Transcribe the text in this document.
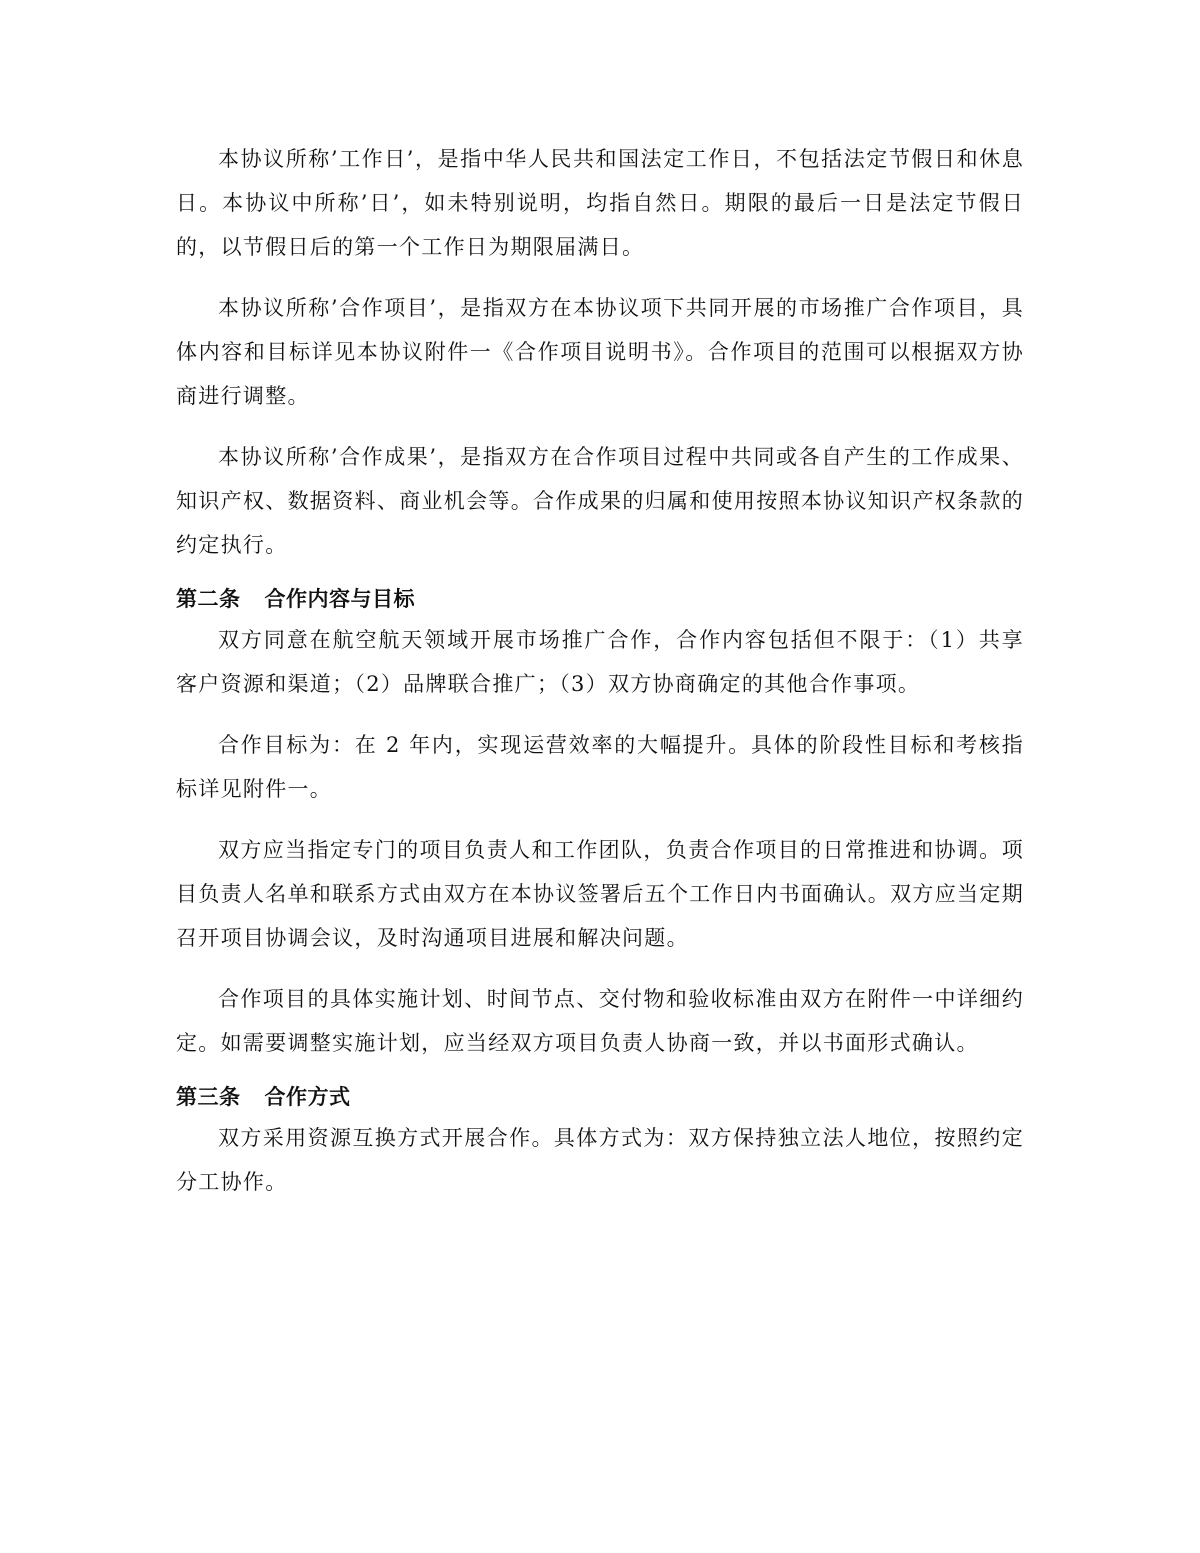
本协议所称’工作日’，是指中华人民共和国法定工作日，不包括法定节假日和休息日。本协议中所称’日’，如未特别说明，均指自然日。期限的最后一日是法定节假日的，以节假日后的第一个工作日为期限届满日。

本协议所称’合作项目’，是指双方在本协议项下共同开展的市场推广合作项目，具体内容和目标详见本协议附件一《合作项目说明书》。合作项目的范围可以根据双方协商进行调整。

本协议所称’合作成果’，是指双方在合作项目过程中共同或各自产生的工作成果、知识产权、数据资料、商业机会等。合作成果的归属和使用按照本协议知识产权条款的约定执行。

第二条 合作内容与目标

双方同意在航空航天领域开展市场推广合作，合作内容包括但不限于：（1）共享客户资源和渠道；（2）品牌联合推广；（3）双方协商确定的其他合作事项。

合作目标为：在 2 年内，实现运营效率的大幅提升。具体的阶段性目标和考核指标详见附件一。

双方应当指定专门的项目负责人和工作团队，负责合作项目的日常推进和协调。项目负责人名单和联系方式由双方在本协议签署后五个工作日内书面确认。双方应当定期召开项目协调会议，及时沟通项目进展和解决问题。

合作项目的具体实施计划、时间节点、交付物和验收标准由双方在附件一中详细约定。如需要调整实施计划，应当经双方项目负责人协商一致，并以书面形式确认。

第三条 合作方式

双方采用资源互换方式开展合作。具体方式为：双方保持独立法人地位，按照约定分工协作。
